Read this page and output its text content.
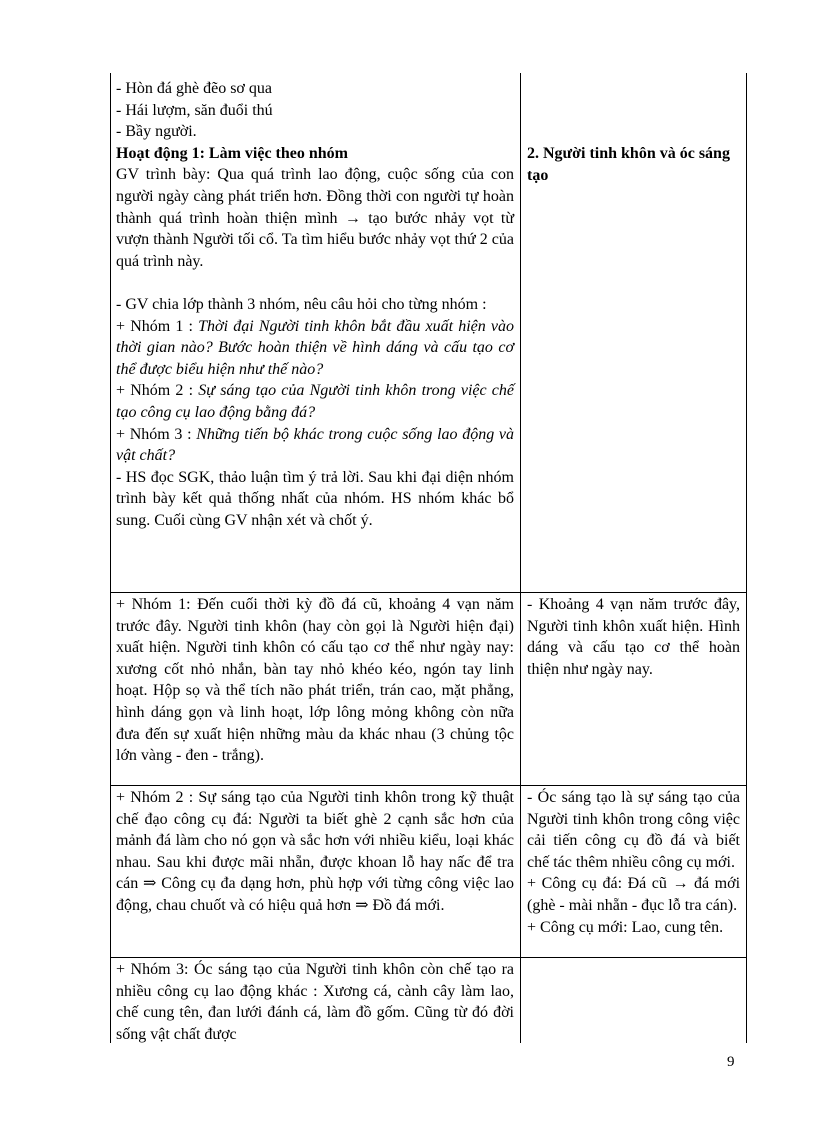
- Hòn đá ghè đẽo sơ qua

- Hái lượm, săn đuổi thú

- Bầy người.

Hoạt động 1: Làm việc theo nhóm

GV trình bày: Qua quá trình lao động, cuộc sống của con người ngày càng phát triển hơn. Đồng thời con người tự hoàn thành quá trình hoàn thiện mình → tạo bước nhảy vọt từ vượn thành Người tối cổ. Ta tìm hiểu bước nhảy vọt thứ 2 của quá trình này.

- GV chia lớp thành 3 nhóm, nêu câu hỏi cho từng nhóm :

+ Nhóm 1 : Thời đại Người tinh khôn bắt đầu xuất hiện vào thời gian nào? Bước hoàn thiện về hình dáng và cấu tạo cơ thể được biểu hiện như thế nào?

+ Nhóm 2 : Sự sáng tạo của Người tinh khôn trong việc chế tạo công cụ lao động bằng đá?

+ Nhóm 3 : Những tiến bộ khác trong cuộc sống lao động và vật chất?

- HS đọc SGK, thảo luận tìm ý trả lời. Sau khi đại diện nhóm trình bày kết quả thống nhất của nhóm. HS nhóm khác bổ sung. Cuối cùng GV nhận xét và chốt ý.

2. Người tinh khôn và óc sáng tạo

+ Nhóm 1: Đến cuối thời kỳ đồ đá cũ, khoảng 4 vạn năm trước đây. Người tinh khôn (hay còn gọi là Người hiện đại) xuất hiện. Người tinh khôn có cấu tạo cơ thể như ngày nay: xương cốt nhỏ nhắn, bàn tay nhỏ khéo kéo, ngón tay linh hoạt. Hộp sọ và thể tích não phát triển, trán cao, mặt phẳng, hình dáng gọn và linh hoạt, lớp lông mỏng không còn nữa đưa đến sự xuất hiện những màu da khác nhau (3 chủng tộc lớn vàng - đen - trắng).

- Khoảng 4 vạn năm trước đây, Người tinh khôn xuất hiện. Hình dáng và cấu tạo cơ thể hoàn thiện như ngày nay.

+ Nhóm 2 : Sự sáng tạo của Người tinh khôn trong kỹ thuật chế đạo công cụ đá: Người ta biết ghè 2 cạnh sắc hơn của mảnh đá làm cho nó gọn và sắc hơn với nhiều kiểu, loại khác nhau. Sau khi được mãi nhẵn, được khoan lỗ hay nấc để tra cán ⇒ Công cụ đa dạng hơn, phù hợp với từng công việc lao động, chau chuốt và có hiệu quả hơn ⇒ Đồ đá mới.

- Óc sáng tạo là sự sáng tạo của Người tinh khôn trong công việc cải tiến công cụ đồ đá và biết chế tác thêm nhiều công cụ mới.

+ Công cụ đá: Đá cũ → đá mới (ghè - mài nhẵn - đục lỗ tra cán).

+ Công cụ mới: Lao, cung tên.

+ Nhóm 3: Óc sáng tạo của Người tinh khôn còn chế tạo ra nhiều công cụ lao động khác : Xương cá, cành cây làm lao, chế cung tên, đan lưới đánh cá, làm đồ gốm. Cũng từ đó đời sống vật chất được

9
